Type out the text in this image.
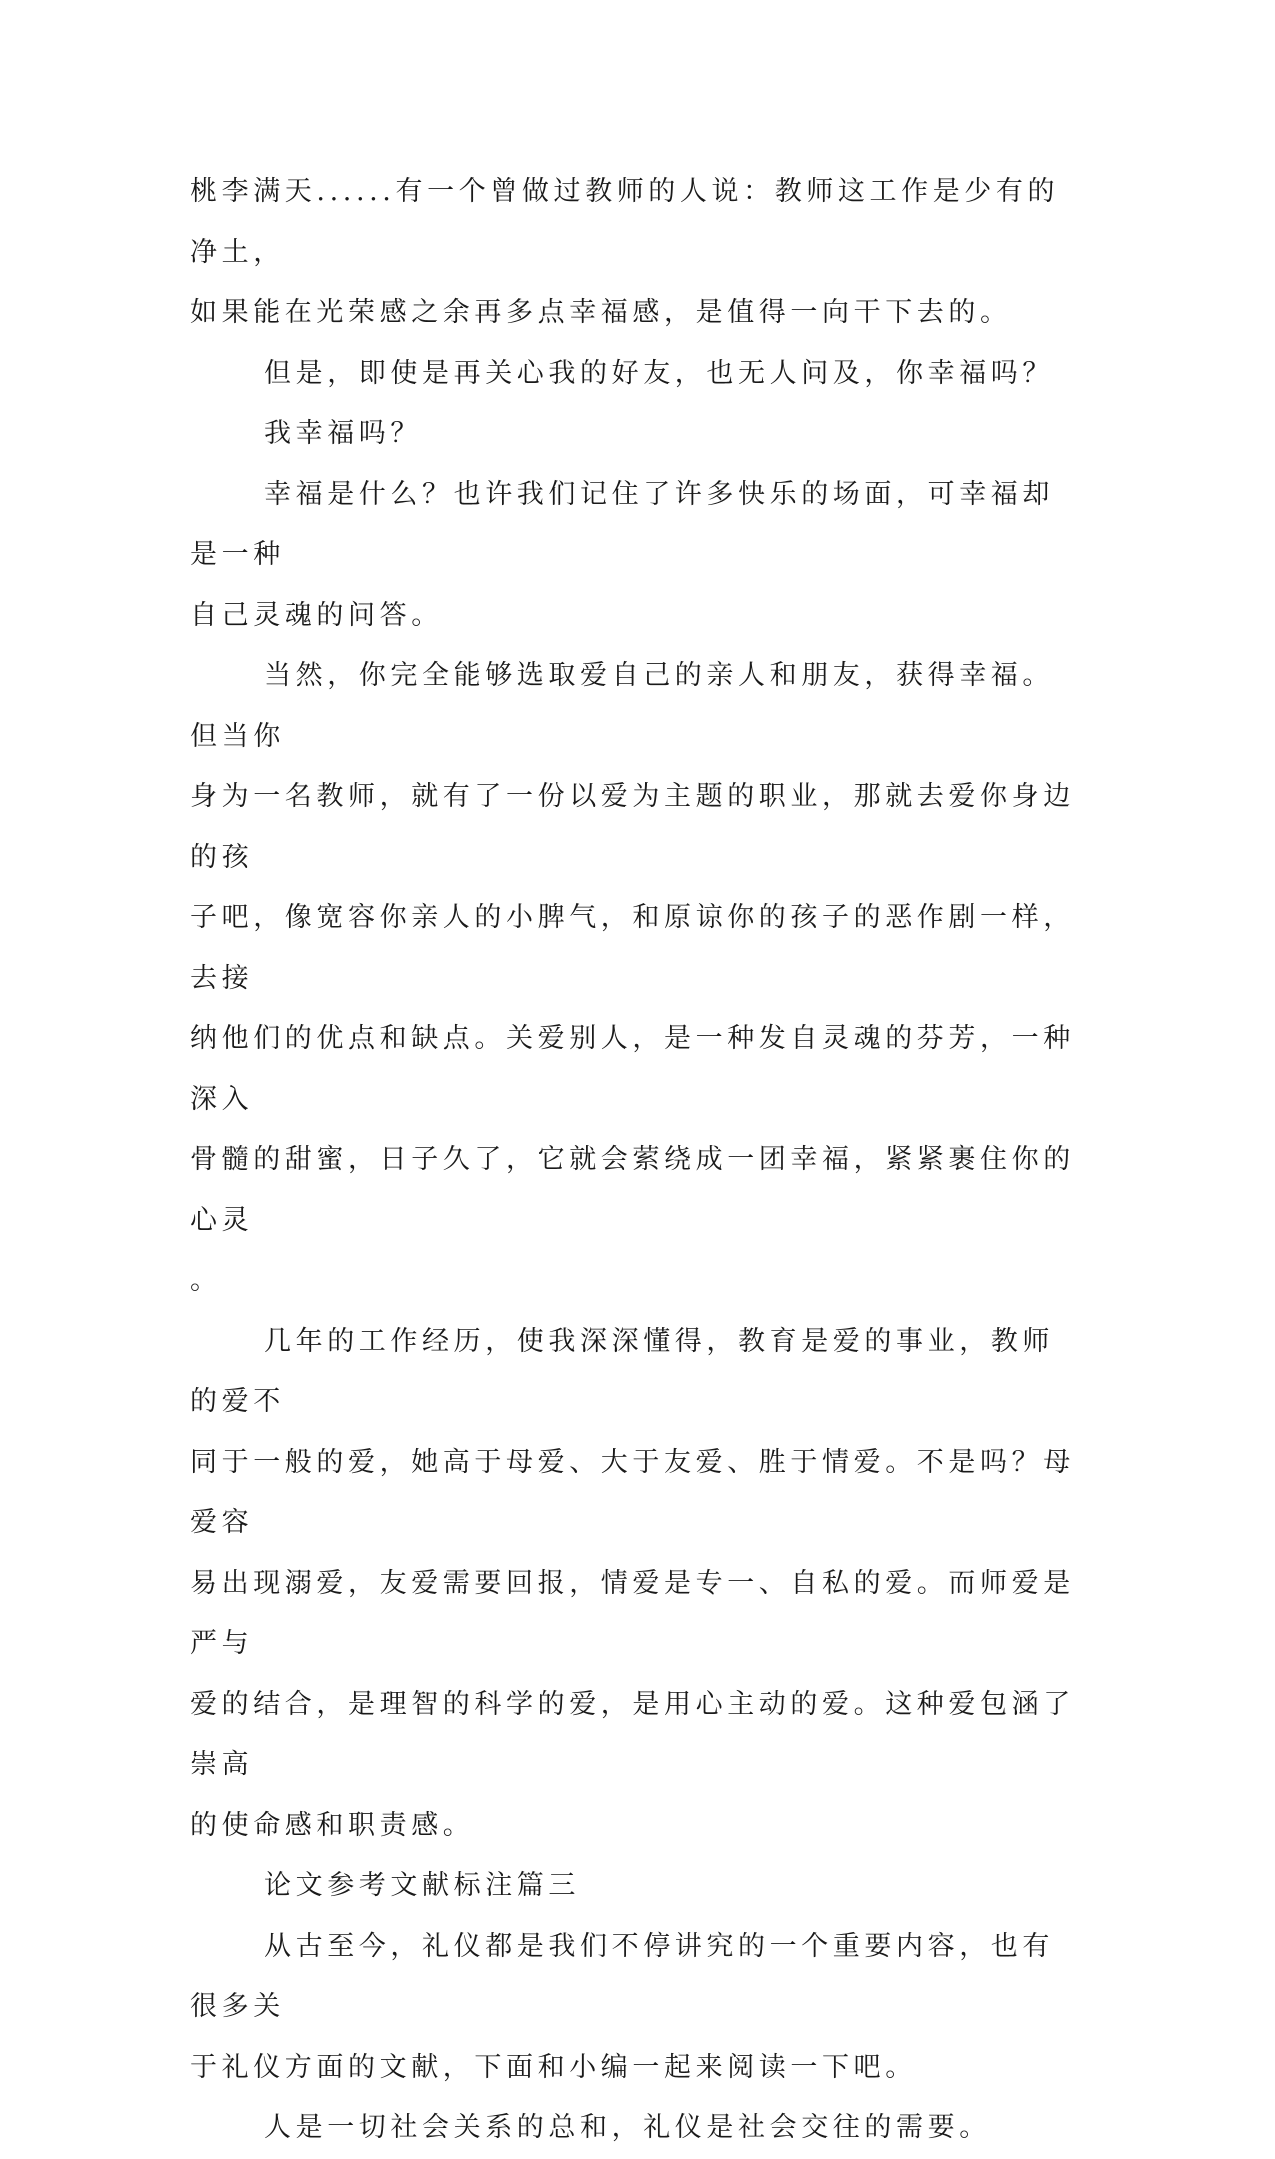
桃李满天......有一个曾做过教师的人说：教师这工作是少有的净土，
如果能在光荣感之余再多点幸福感，是值得一向干下去的。

但是，即使是再关心我的好友，也无人问及，你幸福吗？

我幸福吗？

幸福是什么？也许我们记住了许多快乐的场面，可幸福却是一种
自己灵魂的问答。

当然，你完全能够选取爱自己的亲人和朋友，获得幸福。但当你
身为一名教师，就有了一份以爱为主题的职业，那就去爱你身边的孩
子吧，像宽容你亲人的小脾气，和原谅你的孩子的恶作剧一样，去接
纳他们的优点和缺点。关爱别人，是一种发自灵魂的芬芳，一种深入
骨髓的甜蜜，日子久了，它就会萦绕成一团幸福，紧紧裹住你的心灵
。

几年的工作经历，使我深深懂得，教育是爱的事业，教师的爱不
同于一般的爱，她高于母爱、大于友爱、胜于情爱。不是吗？母爱容
易出现溺爱，友爱需要回报，情爱是专一、自私的爱。而师爱是严与
爱的结合，是理智的科学的爱，是用心主动的爱。这种爱包涵了崇高
的使命感和职责感。

论文参考文献标注篇三

从古至今，礼仪都是我们不停讲究的一个重要内容，也有很多关
于礼仪方面的文献，下面和小编一起来阅读一下吧。

人是一切社会关系的总和，礼仪是社会交往的需要。
